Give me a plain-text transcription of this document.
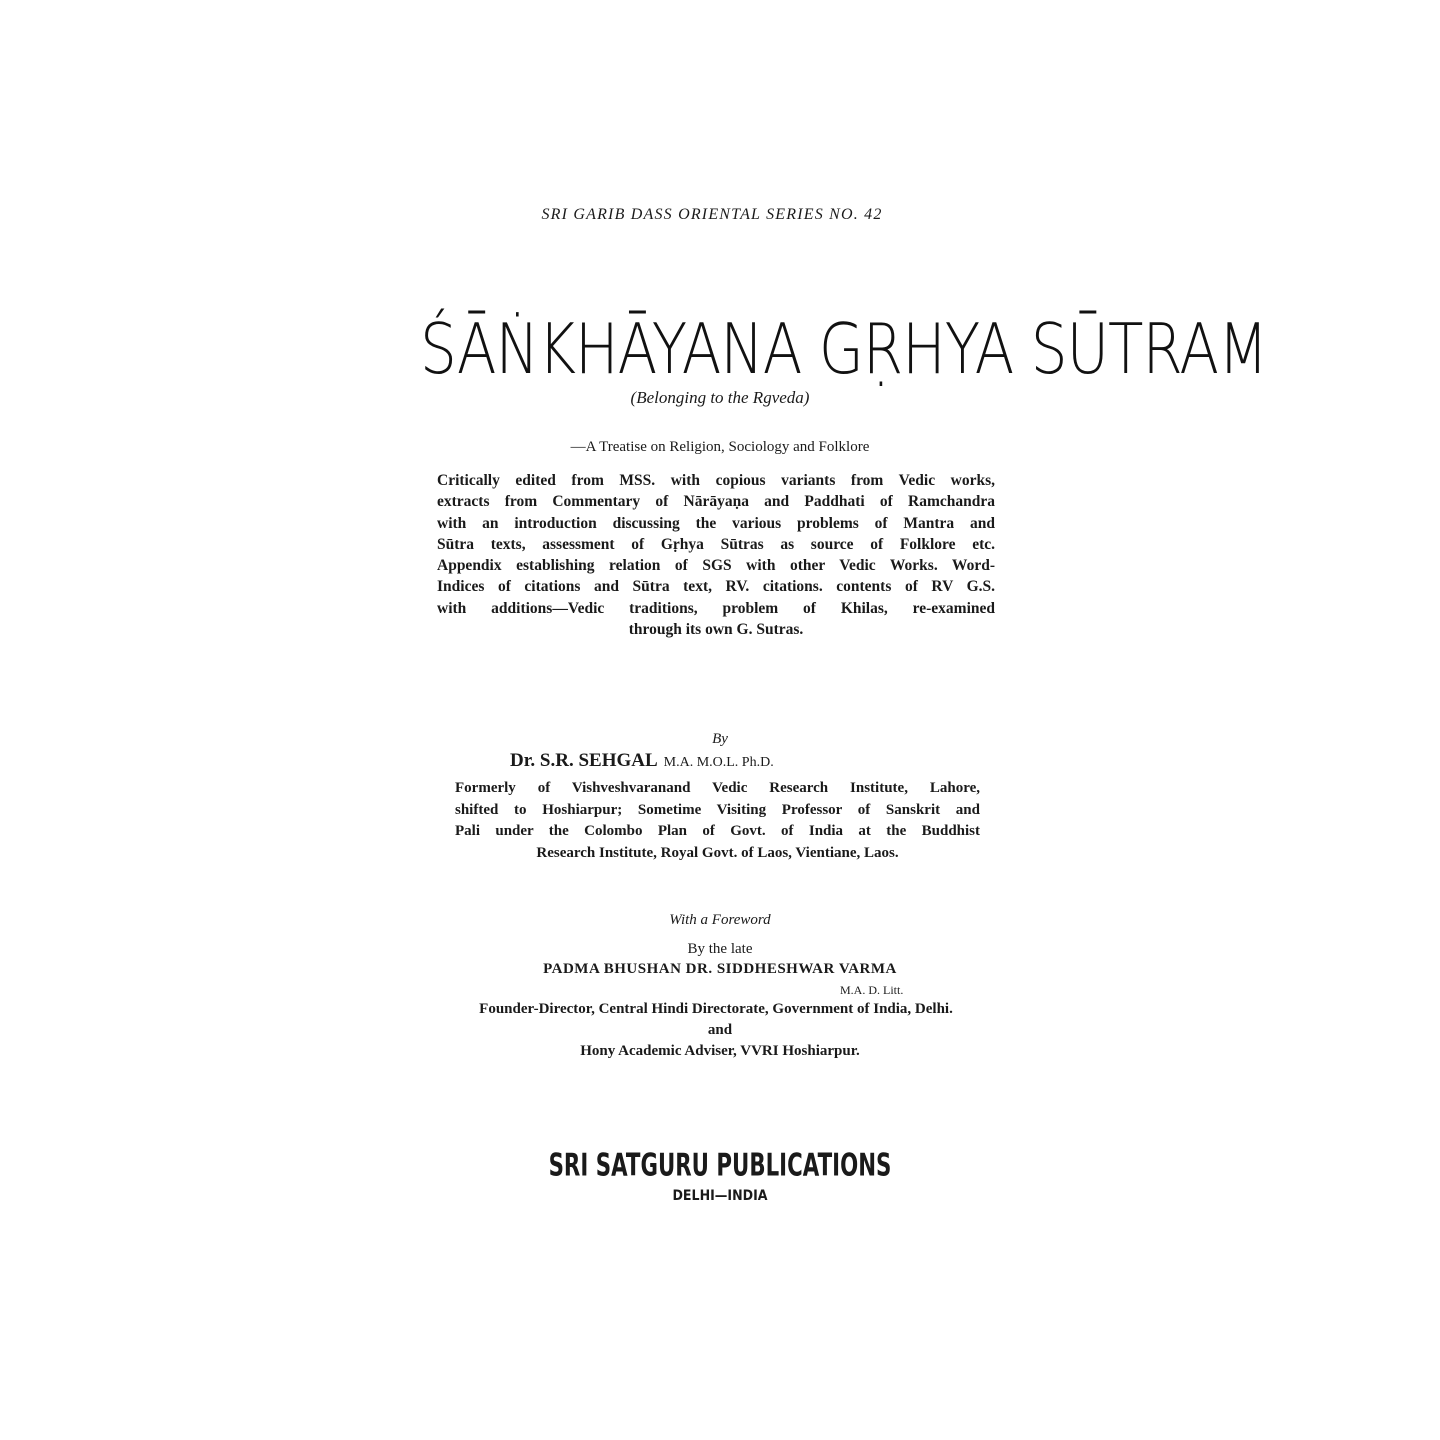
SRI GARIB DASS ORIENTAL SERIES NO. 42
ŚĀṄKHĀYANA GṚHYA SŪTRAM
(Belonging to the Rgveda)
—A Treatise on Religion, Sociology and Folklore
Critically edited from MSS. with copious variants from Vedic works,
extracts from Commentary of Nārāyaṇa and Paddhati of Ramchandra
with an introduction discussing the various problems of Mantra and
Sūtra texts, assessment of Gṛhya Sūtras as source of Folklore etc.
Appendix establishing relation of SGS with other Vedic Works. Word-
Indices of citations and Sūtra text, RV. citations. contents of RV G.S.
with additions—Vedic traditions, problem of Khilas, re-examined
through its own G. Sutras.
By
Dr. S.R. SEHGAL M.A. M.O.L. Ph.D.
Formerly of Vishveshvaranand Vedic Research Institute, Lahore,
shifted to Hoshiarpur; Sometime Visiting Professor of Sanskrit and
Pali under the Colombo Plan of Govt. of India at the Buddhist
Research Institute, Royal Govt. of Laos, Vientiane, Laos.
With a Foreword
By the late
PADMA BHUSHAN DR. SIDDHESHWAR VARMA
M.A. D. Litt.
Founder-Director, Central Hindi Directorate, Government of India, Delhi.
and
Hony Academic Adviser, VVRI Hoshiarpur.
SRI SATGURU PUBLICATIONS
DELHI—INDIA
